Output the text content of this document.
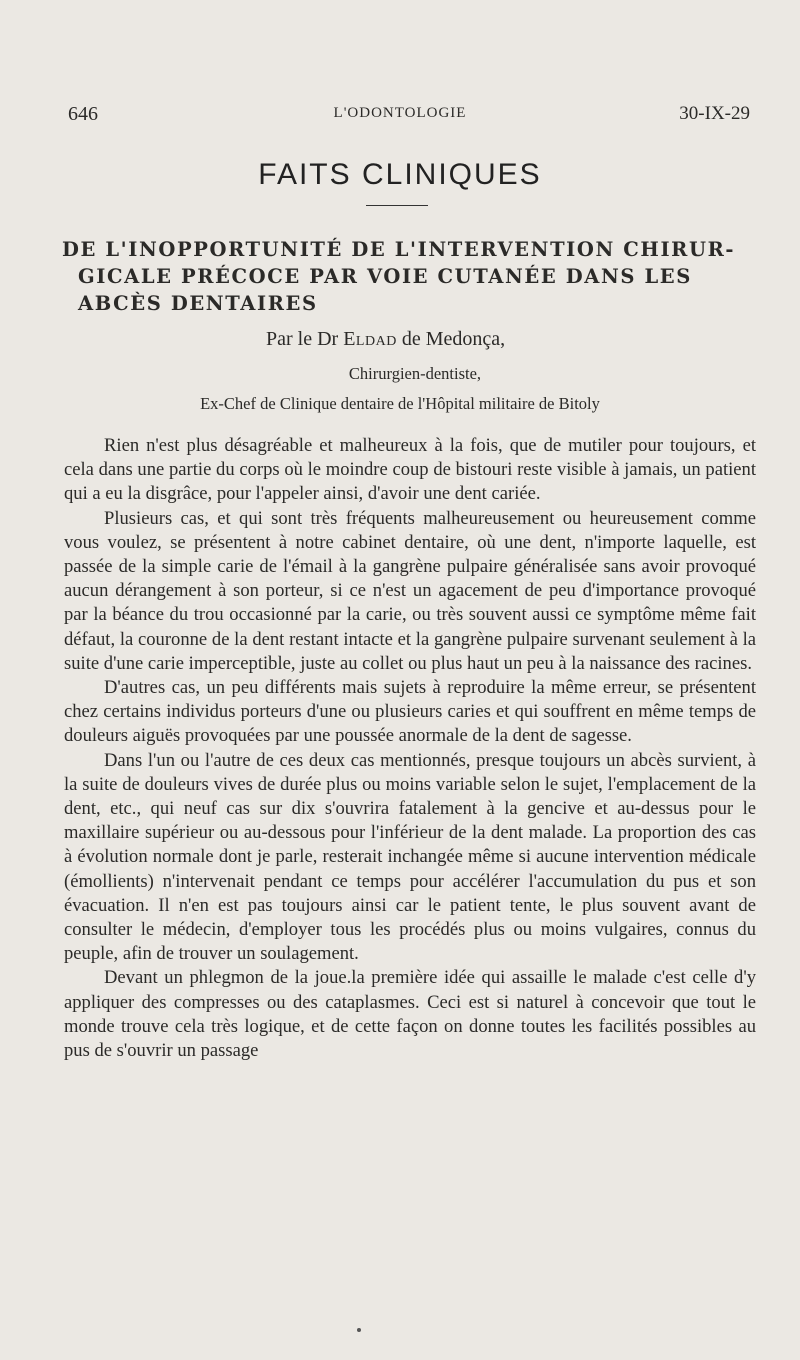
646	L'ODONTOLOGIE	30-IX-29
FAITS CLINIQUES
DE L'INOPPORTUNITÉ DE L'INTERVENTION CHIRUR-
GICALE PRÉCOCE PAR VOIE CUTANÉE DANS LES
ABCÈS DENTAIRES
Par le Dr Eldad de Medonça,
Chirurgien-dentiste,
Ex-Chef de Clinique dentaire de l'Hôpital militaire de Bitoly

Rien n'est plus désagréable et malheureux à la fois, que de mutiler pour toujours, et cela dans une partie du corps où le moindre coup de bistouri reste visible à jamais, un patient qui a eu la disgrâce, pour l'appeler ainsi, d'avoir une dent cariée.

Plusieurs cas, et qui sont très fréquents malheureusement ou heureusement comme vous voulez, se présentent à notre cabinet dentaire, où une dent, n'importe laquelle, est passée de la simple carie de l'émail à la gangrène pulpaire généralisée sans avoir provoqué aucun dérangement à son porteur, si ce n'est un agacement de peu d'importance provoqué par la béance du trou occasionné par la carie, ou très souvent aussi ce symptôme même fait défaut, la couronne de la dent restant intacte et la gangrène pulpaire survenant seulement à la suite d'une carie imperceptible, juste au collet ou plus haut un peu à la naissance des racines.

D'autres cas, un peu différents mais sujets à reproduire la même erreur, se présentent chez certains individus porteurs d'une ou plusieurs caries et qui souffrent en même temps de douleurs aiguës provoquées par une poussée anormale de la dent de sagesse.

Dans l'un ou l'autre de ces deux cas mentionnés, presque toujours un abcès survient, à la suite de douleurs vives de durée plus ou moins variable selon le sujet, l'emplacement de la dent, etc., qui neuf cas sur dix s'ouvrira fatalement à la gencive et au-dessus pour le maxillaire supérieur ou au-dessous pour l'inférieur de la dent malade. La proportion des cas à évolution normale dont je parle, resterait inchangée même si aucune intervention médicale (émollients) n'intervenait pendant ce temps pour accélérer l'accumulation du pus et son évacuation. Il n'en est pas toujours ainsi car le patient tente, le plus souvent avant de consulter le médecin, d'employer tous les procédés plus ou moins vulgaires, connus du peuple, afin de trouver un soulagement.

Devant un phlegmon de la joue.la première idée qui assaille le malade c'est celle d'y appliquer des compresses ou des cataplasmes. Ceci est si naturel à concevoir que tout le monde trouve cela très logique, et de cette façon on donne toutes les facilités possibles au pus de s'ouvrir un passage
